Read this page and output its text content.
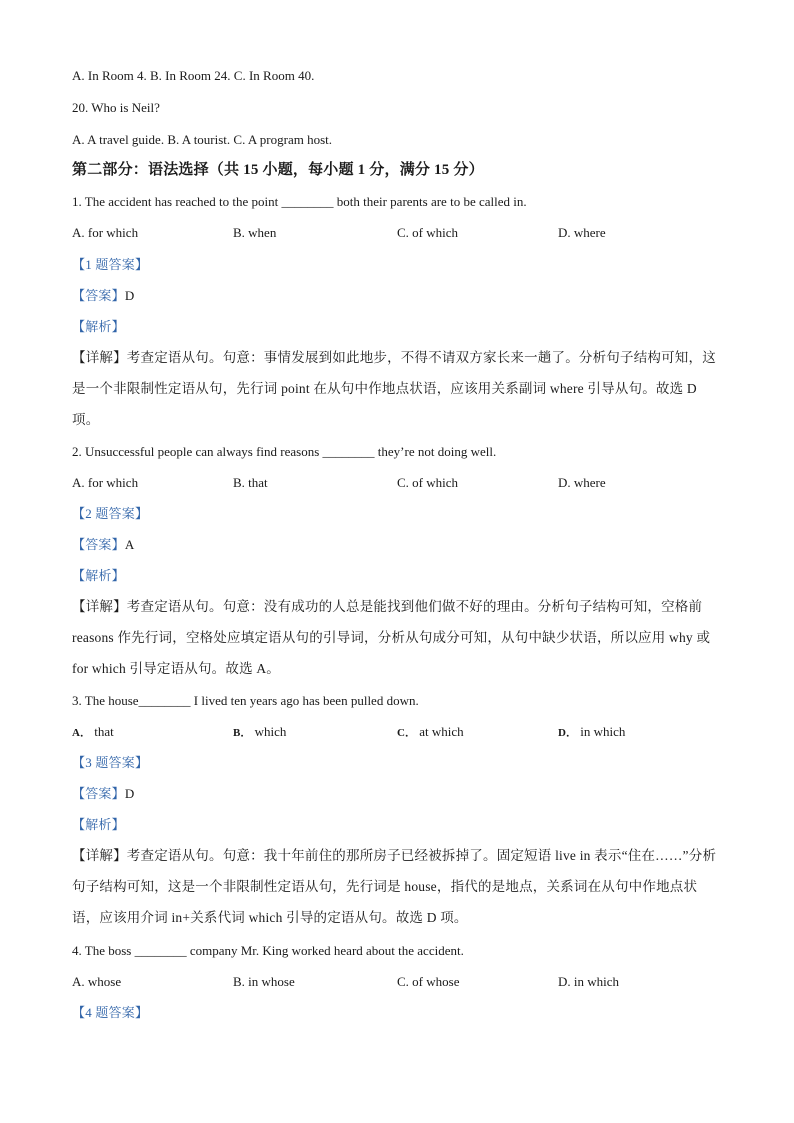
A. In Room 4. B. In Room 24. C. In Room 40.
20. Who is Neil?
A. A travel guide. B. A tourist. C. A program host.
第二部分：语法选择（共 15 小题，每小题 1 分，满分 15 分）
1. The accident has reached to the point ________ both their parents are to be called in.
A. for which	B. when	C. of which	D. where
【1 题答案】
【答案】D
【解析】
【详解】考查定语从句。句意：事情发展到如此地步，不得不请双方家长来一趟了。分析句子结构可知，这是一个非限制性定语从句，先行词 point 在从句中作地点状语，应该用关系副词 where 引导从句。故选 D 项。
2. Unsuccessful people can always find reasons ________ they’re not doing well.
A. for which	B. that	C. of which	D. where
【2 题答案】
【答案】A
【解析】
【详解】考查定语从句。句意：没有成功的人总是能找到他们做不好的理由。分析句子结构可知，空格前 reasons 作先行词，空格处应填定语从句的引导词，分析从句成分可知，从句中缺少状语，所以应用 why 或 for which 引导定语从句。故选 A。
3. The house________ I lived ten years ago has been pulled down.
A． that	B． which	C． at which	D． in which
【3 题答案】
【答案】D
【解析】
【详解】考查定语从句。句意：我十年前住的那所房子已经被拆掉了。固定短语 live in 表示“住在……”分析句子结构可知，这是一个非限制性定语从句，先行词是 house，指代的是地点，关系词在从句中作地点状语，应该用介词 in+关系代词 which 引导的定语从句。故选 D 项。
4. The boss ________ company Mr. King worked heard about the accident.
A. whose	B. in whose	C. of whose	D. in which
【4 题答案】
